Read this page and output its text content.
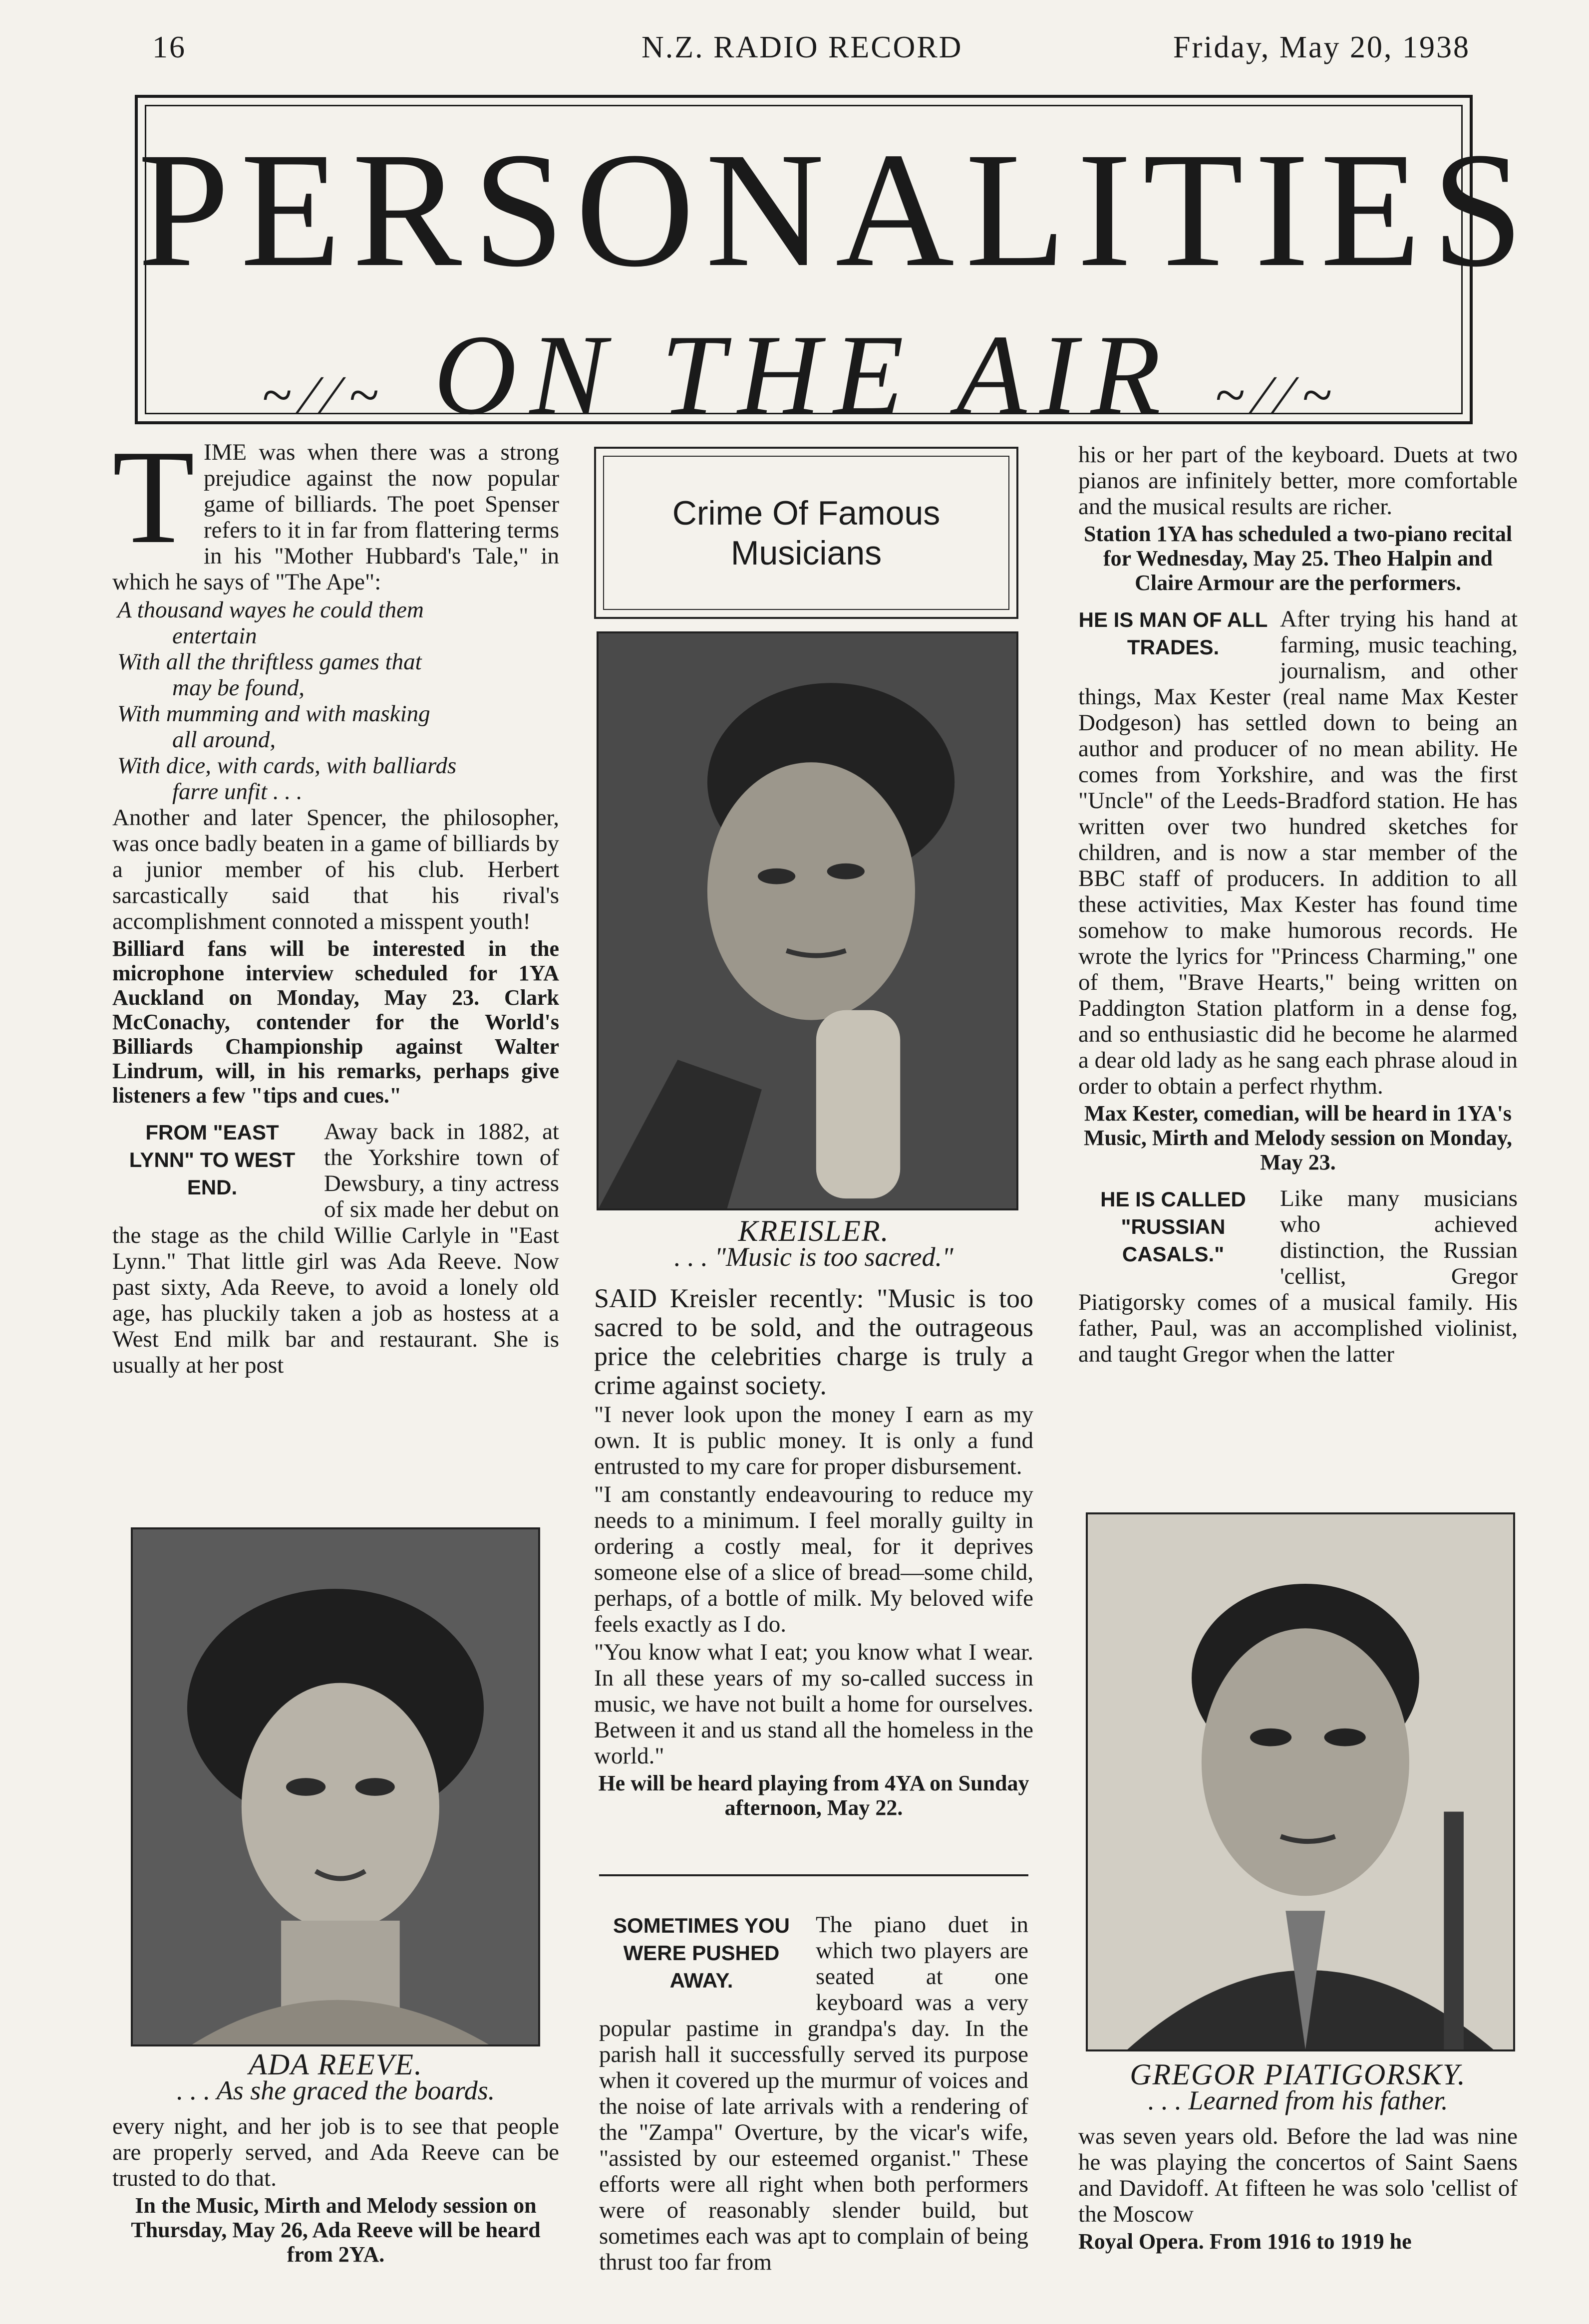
16	N.Z. RADIO RECORD	Friday, May 20, 1938
PERSONALITIES
~⁄⁄~ ON THE AIR ~⁄⁄~
T IME was when there was a strong prejudice against the now popular game of billiards. The poet Spenser refers to it in far from flattering terms in his "Mother Hubbard's Tale," in which he says of "The Ape":

A thousand wayes he could them
entertain
With all the thriftless games that
may be found,
With mumming and with masking
all around,
With dice, with cards, with balliards
farre unfit . . .

Another and later Spencer, the philosopher, was once badly beaten in a game of billiards by a junior member of his club. Herbert sarcastically said that his rival's accomplishment connoted a misspent youth!

Billiard fans will be interested in the microphone interview scheduled for 1YA Auckland on Monday, May 23. Clark McConachy, contender for the World's Billiards Championship against Walter Lindrum, will, in his remarks, perhaps give listeners a few "tips and cues."

FROM "EAST LYNN" TO WEST END.

Away back in 1882, at the Yorkshire town of Dewsbury, a tiny actress of six made her debut on the stage as the child Willie Carlyle in "East Lynn." That little girl was Ada Reeve. Now past sixty, Ada Reeve, to avoid a lonely old age, has pluckily taken a job as hostess at a West End milk bar and restaurant. She is usually at her post

ADA REEVE.
. . . As she graced the boards.

every night, and her job is to see that people are properly served, and Ada Reeve can be trusted to do that.

In the Music, Mirth and Melody session on Thursday, May 26, Ada Reeve will be heard from 2YA.

Crime Of Famous Musicians
KREISLER.
. . . "Music is too sacred."

SAID Kreisler recently: "Music is too sacred to be sold, and the outrageous price the celebrities charge is truly a crime against society.

"I never look upon the money I earn as my own. It is public money. It is only a fund entrusted to my care for proper disbursement.

"I am constantly endeavouring to reduce my needs to a minimum. I feel morally guilty in ordering a costly meal, for it deprives someone else of a slice of bread—some child, perhaps, of a bottle of milk. My beloved wife feels exactly as I do.

"You know what I eat; you know what I wear. In all these years of my so-called success in music, we have not built a home for ourselves. Between it and us stand all the homeless in the world."

He will be heard playing from 4YA on Sunday afternoon, May 22.

SOMETIMES YOU WERE PUSHED AWAY.

The piano duet in which two players are seated at one keyboard was a very popular pastime in grandpa's day. In the parish hall it successfully served its purpose when it covered up the murmur of voices and the noise of late arrivals with a rendering of the "Zampa" Overture, by the vicar's wife, "assisted by our esteemed organist." These efforts were all right when both performers were of reasonably slender build, but sometimes each was apt to complain of being thrust too far from

his or her part of the keyboard. Duets at two pianos are infinitely better, more comfortable and the musical results are richer.

Station 1YA has scheduled a two-piano recital for Wednesday, May 25. Theo Halpin and Claire Armour are the performers.

HE IS MAN OF ALL TRADES.

After trying his hand at farming, music teaching, journalism, and other things, Max Kester (real name Max Kester Dodgeson) has settled down to being an author and producer of no mean ability. He comes from Yorkshire, and was the first "Uncle" of the Leeds-Bradford station. He has written over two hundred sketches for children, and is now a star member of the BBC staff of producers. In addition to all these activities, Max Kester has found time somehow to make humorous records. He wrote the lyrics for "Princess Charming," one of them, "Brave Hearts," being written on Paddington Station platform in a dense fog, and so enthusiastic did he become he alarmed a dear old lady as he sang each phrase aloud in order to obtain a perfect rhythm.

Max Kester, comedian, will be heard in 1YA's Music, Mirth and Melody session on Monday, May 23.

HE IS CALLED "RUSSIAN CASALS."

Like many musicians who achieved distinction, the Russian 'cellist, Gregor Piatigorsky comes of a musical family. His father, Paul, was an accomplished violinist, and taught Gregor when the latter

GREGOR PIATIGORSKY.
. . . Learned from his father.

was seven years old. Before the lad was nine he was playing the concertos of Saint Saens and Davidoff. At fifteen he was solo 'cellist of the Moscow

Royal Opera. From 1916 to 1919 he
